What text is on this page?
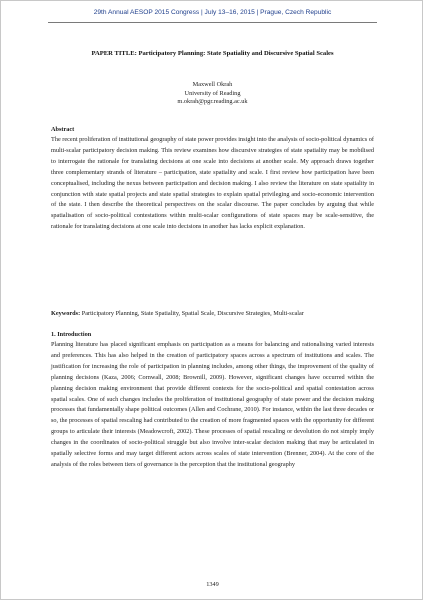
29th Annual AESOP 2015 Congress | July 13–16, 2015 | Prague, Czech Republic
PAPER TITLE: Participatory Planning: State Spatiality and Discursive Spatial Scales
Maxwell Okrah
University of Reading
m.okrah@pgr.reading.ac.uk
Abstract
The recent proliferation of institutional geography of state power provides insight into the analysis of socio-political dynamics of multi-scalar participatory decision making. This review examines how discursive strategies of state spatiality may be mobilised to interrogate the rationale for translating decisions at one scale into decisions at another scale. My approach draws together three complementary strands of literature – participation, state spatiality and scale. I first review how participation have been conceptualised, including the nexus between participation and decision making. I also review the literature on state spatiality in conjunction with state spatial projects and state spatial strategies to explain spatial privileging and socio-economic intervention of the state. I then describe the theoretical perspectives on the scalar discourse. The paper concludes by arguing that while spatialisation of socio-political contestations within multi-scalar configurations of state spaces may be scale-sensitive, the rationale for translating decisions at one scale into decisions in another has lacks explicit explanation.
Keywords: Participatory Planning, State Spatiality, Spatial Scale, Discursive Strategies, Multi-scalar
1. Introduction
Planning literature has placed significant emphasis on participation as a means for balancing and rationalising varied interests and preferences. This has also helped in the creation of participatory spaces across a spectrum of institutions and scales. The justification for increasing the role of participation in planning includes, among other things, the improvement of the quality of planning decisions (Kaza, 2006; Cornwall, 2008; Brownill, 2009). However, significant changes have occurred within the planning decision making environment that provide different contexts for the socio-political and spatial contestation across spatial scales. One of such changes includes the proliferation of institutional geography of state power and the decision making processes that fundamentally shape political outcomes (Allen and Cochrane, 2010). For instance, within the last three decades or so, the processes of spatial rescaling had contributed to the creation of more fragmented spaces with the opportunity for different groups to articulate their interests (Meadowcroft, 2002). These processes of spatial rescaling or devolution do not simply imply changes in the coordinates of socio-political struggle but also involve inter-scalar decision making that may be articulated in spatially selective forms and may target different actors across scales of state intervention (Brenner, 2004). At the core of the analysis of the roles between tiers of governance is the perception that the institutional geography
1349
